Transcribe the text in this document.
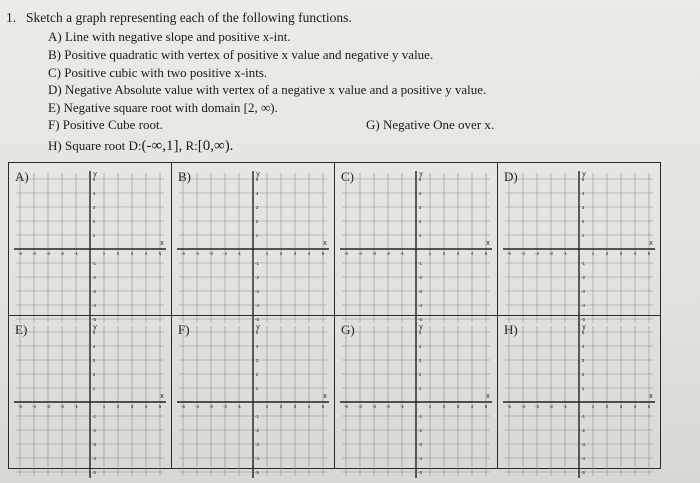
1. Sketch a graph representing each of the following functions.
A) Line with negative slope and positive x-int.
B) Positive quadratic with vertex of positive x value and negative y value.
C) Positive cubic with two positive x-ints.
D) Negative Absolute value with vertex of a negative x value and a positive y value.
E) Negative square root with domain [2, ∞).
F) Positive Cube root.	G) Negative One over x.
H) Square root D:(-∞,1], R:[0,∞).
A)
-5 -4 -3 -2 -1	1	2	3	4	5
5
4
3
2
1
-1
-2
-3
-4
-5
x
y	B)
-5 -4 -3 -2 -1	1	2	3	4	5
5
4
3
2
1
-1
-2
-3
-4
-5
x
y	C)
-5 -4 -3 -2 -1	1	2	3	4	5
5
4
3
2
1
-1
-2
-3
-4
-5
x
y	D)
-5 -4 -3 -2 -1	1	2	3	4	5
5
4
3
2
1
-1
-2
-3
-4
-5
x
y
E)
-5 -4 -3 -2 -1	1	2	3	4	5
5
4
3
2
1
-1
-2
-3
-4
-5
x
y	F)
-5 -4 -3 -2 -1	1	2	3	4	5
5
4
3
2
1
-1
-2
-3
-4
-5
x
y	G)
-5 -4 -3 -2 -1	1	2	3	4	5
5
4
3
2
1
-1
-2
-3
-4
-5
x
y	H)
-5 -4 -3 -2 -1	1	2	3	4	5
5
4
3
2
1
-1
-2
-3
-4
-5
x
y
